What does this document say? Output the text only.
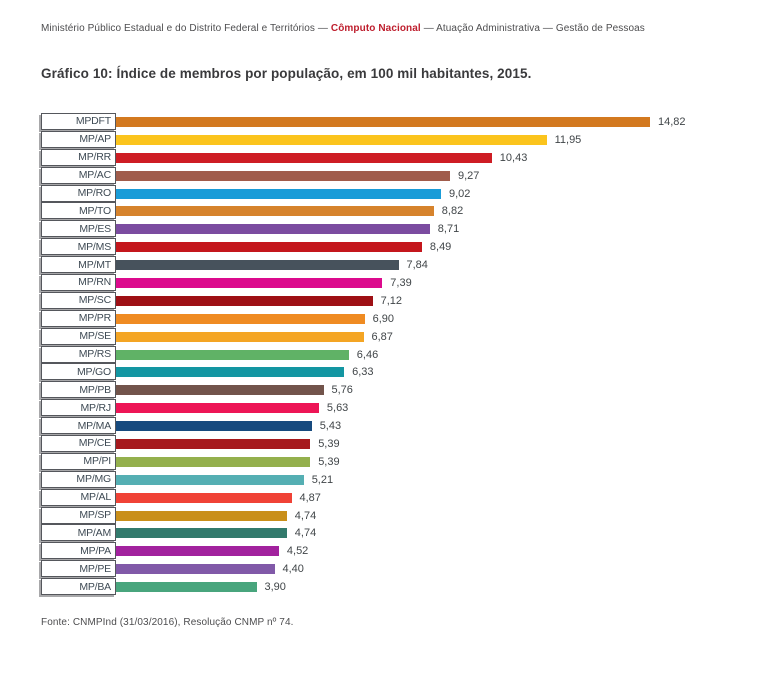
Ministério Público Estadual e do Distrito Federal e Territórios — Cômputo Nacional — Atuação Administrativa — Gestão de Pessoas
Gráfico 10: Índice de membros por população, em 100 mil habitantes, 2015.
MPDFT	14,82
MP/AP	11,95
MP/RR	10,43
MP/AC	9,27
MP/RO	9,02
MP/TO	8,82
MP/ES	8,71
MP/MS	8,49
MP/MT	7,84
MP/RN	7,39
MP/SC	7,12
MP/PR	6,90
MP/SE	6,87
MP/RS	6,46
MP/GO	6,33
MP/PB	5,76
MP/RJ	5,63
MP/MA	5,43
MP/CE	5,39
MP/PI	5,39
MP/MG	5,21
MP/AL	4,87
MP/SP	4,74
MP/AM	4,74
MP/PA	4,52
MP/PE	4,40
MP/BA	3,90
Fonte: CNMPInd (31/03/2016), Resolução CNMP nº 74.
